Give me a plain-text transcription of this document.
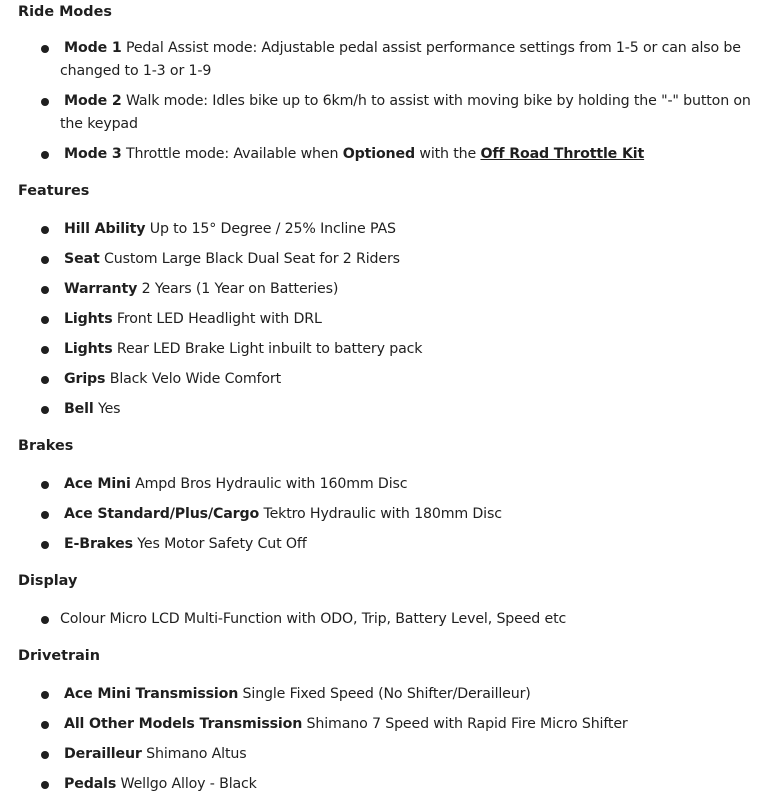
Ride Modes
Mode 1 Pedal Assist mode: Adjustable pedal assist performance settings from 1-5 or can also be changed to 1-3 or 1-9
Mode 2 Walk mode: Idles bike up to 6km/h to assist with moving bike by holding the "-" button on the keypad
Mode 3 Throttle mode: Available when Optioned with the Off Road Throttle Kit
Features
Hill Ability Up to 15° Degree / 25% Incline PAS
Seat Custom Large Black Dual Seat for 2 Riders
Warranty 2 Years (1 Year on Batteries)
Lights Front LED Headlight with DRL
Lights Rear LED Brake Light inbuilt to battery pack
Grips Black Velo Wide Comfort
Bell Yes
Brakes
Ace Mini Ampd Bros Hydraulic with 160mm Disc
Ace Standard/Plus/Cargo Tektro Hydraulic with 180mm Disc
E-Brakes Yes Motor Safety Cut Off
Display
Colour Micro LCD Multi-Function with ODO, Trip, Battery Level, Speed etc
Drivetrain
Ace Mini Transmission Single Fixed Speed (No Shifter/Derailleur)
All Other Models Transmission Shimano 7 Speed with Rapid Fire Micro Shifter
Derailleur Shimano Altus
Pedals Wellgo Alloy - Black
